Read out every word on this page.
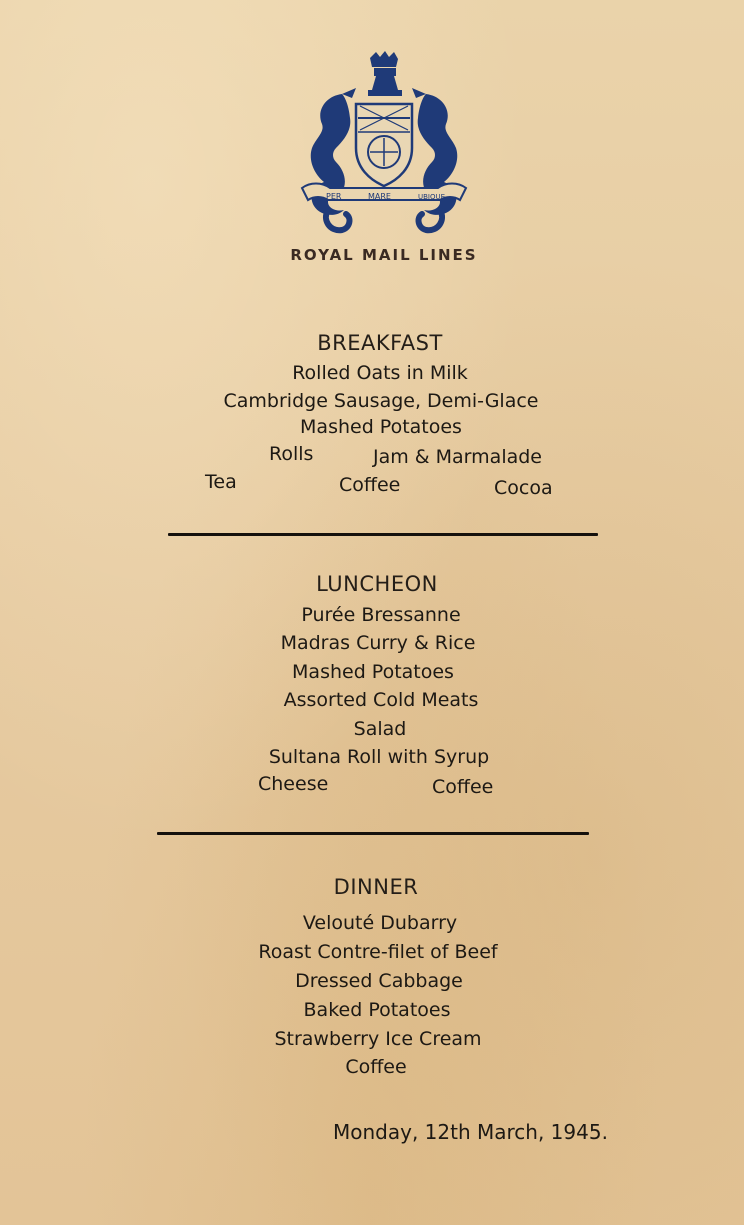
PER	MARE	UBIQUE
ROYAL MAIL LINES
BREAKFAST
Rolled Oats in Milk
Cambridge Sausage, Demi-Glace
Mashed Potatoes
Rolls	Jam & Marmalade
Tea	Coffee	Cocoa
LUNCHEON
Purée Bressanne
Madras Curry & Rice
Mashed Potatoes
Assorted Cold Meats
Salad
Sultana Roll with Syrup
Cheese	Coffee
DINNER
Velouté Dubarry
Roast Contre-filet of Beef
Dressed Cabbage
Baked Potatoes
Strawberry Ice Cream
Coffee
Monday, 12th March, 1945.
